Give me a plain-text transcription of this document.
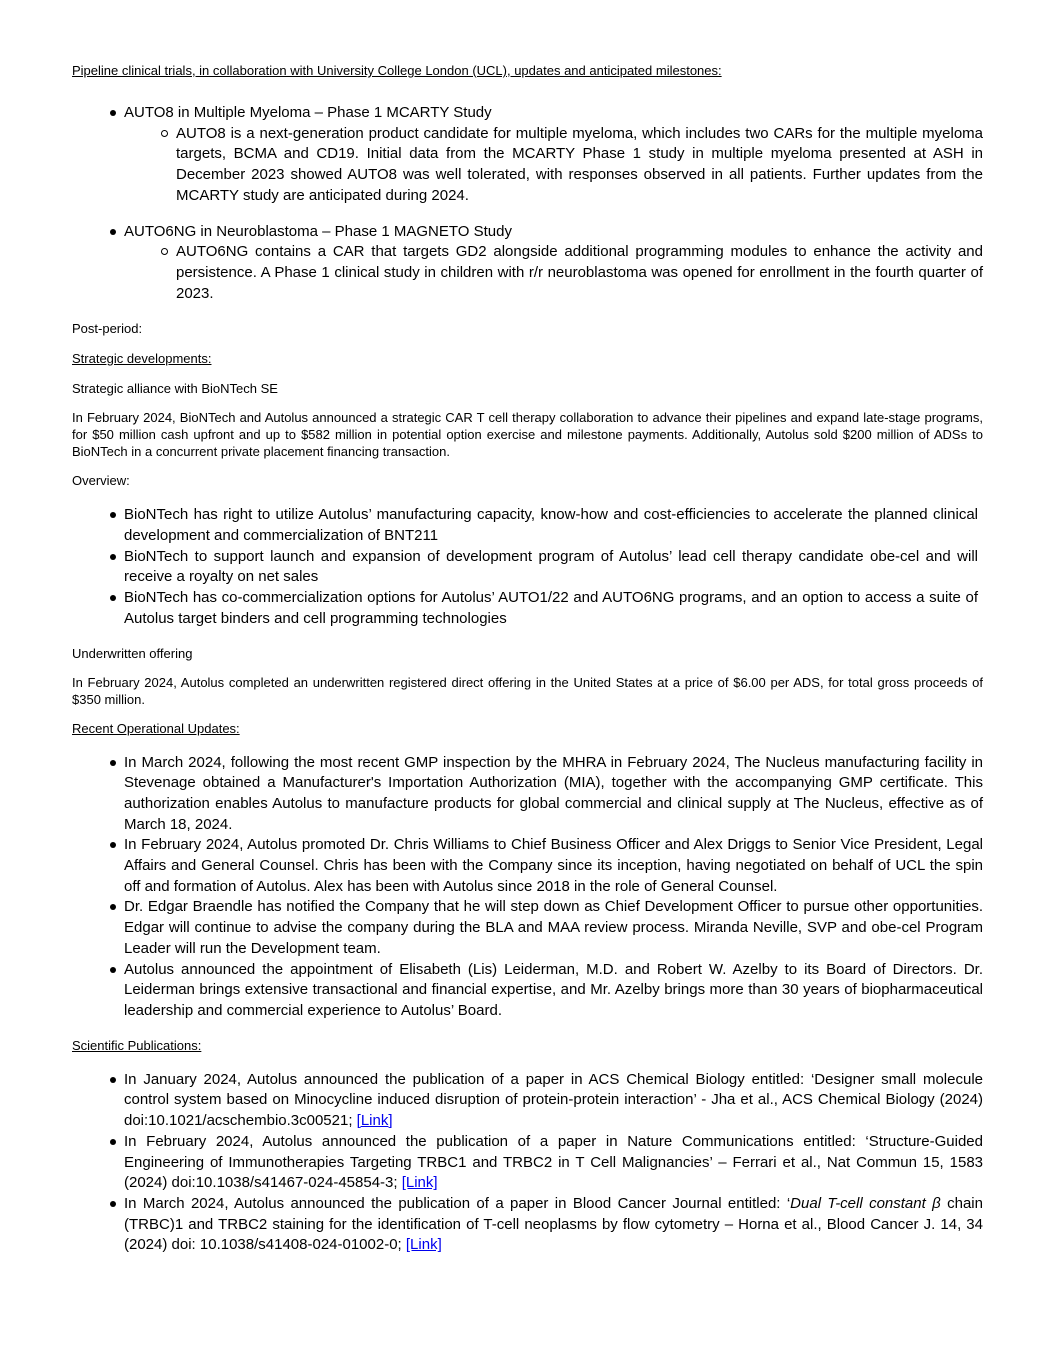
Pipeline clinical trials, in collaboration with University College London (UCL), updates and anticipated milestones:

AUTO8 in Multiple Myeloma – Phase 1 MCARTY Study
AUTO8 is a next-generation product candidate for multiple myeloma, which includes two CARs for the multiple myeloma targets, BCMA and CD19. Initial data from the MCARTY Phase 1 study in multiple myeloma presented at ASH in December 2023 showed AUTO8 was well tolerated, with responses observed in all patients. Further updates from the MCARTY study are anticipated during 2024.
AUTO6NG in Neuroblastoma – Phase 1 MAGNETO Study
AUTO6NG contains a CAR that targets GD2 alongside additional programming modules to enhance the activity and persistence. A Phase 1 clinical study in children with r/r neuroblastoma was opened for enrollment in the fourth quarter of 2023.

Post-period:

Strategic developments:

Strategic alliance with BioNTech SE

In February 2024, BioNTech and Autolus announced a strategic CAR T cell therapy collaboration to advance their pipelines and expand late-stage programs, for $50 million cash upfront and up to $582 million in potential option exercise and milestone payments. Additionally, Autolus sold $200 million of ADSs to BioNTech in a concurrent private placement financing transaction.

Overview:

BioNTech has right to utilize Autolus’ manufacturing capacity, know-how and cost-efficiencies to accelerate the planned clinical development and commercialization of BNT211
BioNTech to support launch and expansion of development program of Autolus’ lead cell therapy candidate obe-cel and will receive a royalty on net sales
BioNTech has co-commercialization options for Autolus’ AUTO1/22 and AUTO6NG programs, and an option to access a suite of Autolus target binders and cell programming technologies

Underwritten offering

In February 2024, Autolus completed an underwritten registered direct offering in the United States at a price of $6.00 per ADS, for total gross proceeds of $350 million.

Recent Operational Updates:

In March 2024, following the most recent GMP inspection by the MHRA in February 2024, The Nucleus manufacturing facility in Stevenage obtained a Manufacturer's Importation Authorization (MIA), together with the accompanying GMP certificate. This authorization enables Autolus to manufacture products for global commercial and clinical supply at The Nucleus, effective as of March 18, 2024.
In February 2024, Autolus promoted Dr. Chris Williams to Chief Business Officer and Alex Driggs to Senior Vice President, Legal Affairs and General Counsel. Chris has been with the Company since its inception, having negotiated on behalf of UCL the spin off and formation of Autolus. Alex has been with Autolus since 2018 in the role of General Counsel.
Dr. Edgar Braendle has notified the Company that he will step down as Chief Development Officer to pursue other opportunities. Edgar will continue to advise the company during the BLA and MAA review process. Miranda Neville, SVP and obe-cel Program Leader will run the Development team.
Autolus announced the appointment of Elisabeth (Lis) Leiderman, M.D. and Robert W. Azelby to its Board of Directors. Dr. Leiderman brings extensive transactional and financial expertise, and Mr. Azelby brings more than 30 years of biopharmaceutical leadership and commercial experience to Autolus’ Board.

Scientific Publications:

In January 2024, Autolus announced the publication of a paper in ACS Chemical Biology entitled: ‘Designer small molecule control system based on Minocycline induced disruption of protein-protein interaction’ - Jha et al., ACS Chemical Biology (2024) doi:10.1021/acschembio.3c00521; [Link]
In February 2024, Autolus announced the publication of a paper in Nature Communications entitled: ‘Structure-Guided Engineering of Immunotherapies Targeting TRBC1 and TRBC2 in T Cell Malignancies’ – Ferrari et al., Nat Commun 15, 1583 (2024) doi:10.1038/s41467-024-45854-3; [Link]
In March 2024, Autolus announced the publication of a paper in Blood Cancer Journal entitled: ‘Dual T-cell constant β chain (TRBC)1 and TRBC2 staining for the identification of T-cell neoplasms by flow cytometry – Horna et al., Blood Cancer J. 14, 34 (2024) doi: 10.1038/s41408-024-01002-0; [Link]
